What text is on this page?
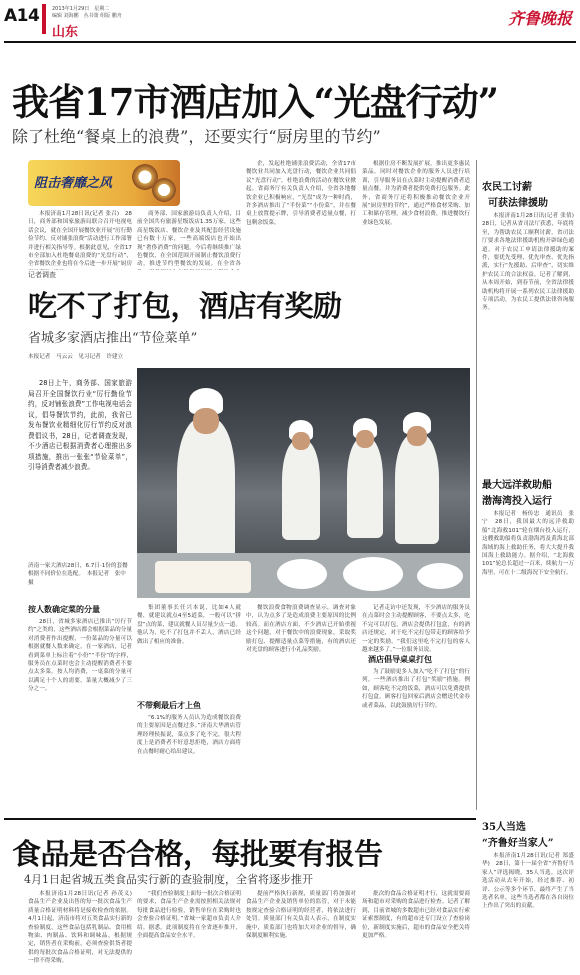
A14	2013年1月29日　星期二
编辑 刘海鹏　丛书策 组版 鹏舟
山东
齐鲁晚报
我省17市酒店加入“光盘行动”
除了杜绝“餐桌上的浪费”，还要实行“厨房里的节约”
阻击奢靡之风
本报济南1月28日讯(记者 张召)　28日，商务部和国家旅游局联合召开电视电话会议，就在全国开展餐饮业开展“厉行勤俭节约、反对铺张浪费”活动进行工作部署并进行相关指导等。根据此意见，全省17市全部加入杜绝餐桌浪费的“光盘行动”，全省餐饮企业也将在今后进一步开展“厨房
商务部、国家旅游局负责人介绍，目前全国共有旅游星级饭店1.35万家，这些高星级饭店、餐饮企业及其配套经营设施已有数十万家，一些高端饭店也开始出现“奢侈消费”的问题。今后将继续推广绿色餐饮，在全国范围开展制止餐饮浪费行动，推进节约型餐饮的发展。在全省各
企，发起杜绝铺张浪费活动，全省17市餐饮业共同加入光盘行动，餐饮企业共同倡议“光盘行动”，杜绝浪费的活动在餐饮业掀起。省商务厅有关负责人介绍，全省各地餐饮企业已积极响应，“光盘”成为一种时尚，许多酒店推出了“半份菜”“小份菜”，并在餐桌上放置提示牌，引导消费者适量点餐，打包剩余饭菜。
根据住房不断发展扩展，推出更多惠民菜品，同时对餐饮企业的服务人员进行培训，引导服务员在点菜时主动提醒消费者适量点餐，并为消费者提供免费打包服务。此外，省商务厅还将积极推动餐饮企业开展“厨房里的节约”，通过严格食材采购、加工和储存管理，减少食材浪费，推进餐饮行业绿色发展。
记者调查
吃不了打包，酒店有奖励
省城多家酒店推出“节俭菜单”
本报记者　马云云　见习记者　许建立
28日上午，商务部、国家旅游局召开全国餐饮行业“厉行勤俭节约，反对铺张浪费”工作电视电话会议，倡导餐饮节约，此前，我省已发布餐饮业精细化厉行节约反对浪费倡议书，28日，记者调查发现，不少酒店已根据消费者心理推出多项措施，推出一张张“节俭菜单”，引导消费者减少浪费。
济南一家大酒店28日，6.7日·1份的套餐根据不同价位在选配。　本报记者　张中　摄
按人数确定菜的分量
28日，省城多家酒店已推出“厉行节约”之类的，这些酒店都会根据菜品的分量对消费者作出提醒，一份菜品的分量可以根据就餐人数来确定。在一家酒店，记者看到菜单上标注着“小份”“半份”的字样，服务员在点菜时也会主动提醒消费者不要点太多菜。按人均消费，一桌菜的分量可以满足十个人的需要，菜量大概减少了三分之一。
集团董事长任兴本说，比如4人就餐，就建议就点4至5道菜，一般可以“拼盘”点的菜，建议就餐人员尽量少点一道。他认为，吃不了打包并不丢人，酒店已经做出了相应的准备。
不带剩最后才上鱼
“6.1%的服务人员认为造成餐饮浪费的主要原因是点餐过多。”济南大华酒店管理经理侯振说，菜点多了吃不完，很大程度上是消费者不好意思拒绝，酒店方面将在点餐时耐心给出建议。
餐饮浪费食物浪费调查显示，调查对象中，认为点多了是造成浪费主要原因的比例较高。而在酒店方面，不少酒店已开始重视这个问题，对于餐饮中的浪费现象，采取奖励打包、提醒适量点菜等措施，有的酒店还对光盘的顾客进行小礼品奖励。
记者走访中还发现，不少酒店的服务员在点菜时会主动提醒顾客，不要点太多，吃不完可以打包，酒店会提供打包盒，有的酒店还规定，对于吃不完打包带走的顾客给予一定的奖励。“我们这里吃不完打包的客人越来越多了。”一位服务员说。
酒店倡导桌桌打包
为了鼓励更多人加入“吃不了打包”的行列，一些酒店推出了打包“奖励”措施。例如，顾客吃不完的饭菜，酒店可以免费提供打包盒，顾客打包回家后酒店会赠送代金券或者菜品，以此鼓励厉行节约。
食品是否合格，每批要有报告
4月1日起省城五类食品实行新的查验制度，全省将逐步推开
本报济南1月28日讯(记者 孙茂义)　食品生产企业及出售的每一批次食品生产质量合格证明材料将是接收检查的依据。4月1日起，济南市将对五类食品实行新的查验制度，这些食品包括乳制品、食用植物油、肉制品、饮料和调味品。根据规定，销售者在采购前，必须查验供货者提供的每批次食品合格证明，对无法提供的一律不得采购。
“我们查验制度上面每一批次合格证明的要求，食品生产企业需按照相关法规对每批食品进行检验，销售单位在采购时也会查验合格证明。”省城一家超市负责人介绍。据悉，此项制度将在全省逐步推开，全面提高食品安全水平。
提前严格执行新规，质量部门将加强对食品生产企业及销售单位的监管，对于未能按规定查验合格证明的经营者，将依法进行处罚。质量部门有关负责人表示，在制度实施中，质监部门也将加大对企业的督导，确保制度顺利实施。
批次的食品合格证明才行，这就需要商场和超市对采购的食品进行检查。记者了解到，目前省城的多数超市已经对食品实行索证索票制度，有的超市还专门设立了查验岗位，新制度实施后，超市的食品安全把关将更加严格。
农民工讨薪
可获法律援助
本报济南1月28日讯(记者 张倩)　28日，记者从省司法厅获悉，年底将至，为帮助农民工顺利讨薪，省司法厅要求各地法律援助机构开辟绿色通道，对于农民工申请法律援助的案件，要优先受理、优先审查、优先指派，实行“先援助、后审查”，切实维护农民工的合法权益。记者了解到，从本周开始，到春节前，全省法律援助机构将开展一系列农民工法律援助专项活动，为农民工提供法律咨询服务。
最大远洋救助船
渤海湾投入运行
本报记者　杨传忠　通讯员　张宁　28日，我国最大的远洋救助船“北海救101”轮在烟台投入运行，这艘救助船将负责渤海湾及黄海北部海域的海上救助任务，将大大提升我国海上救助能力。据介绍，“北海救101”轮总长超过一百米，续航力一万海里，可在十二级海况下安全航行。
35人当选
“齐鲁好当家人”
本报济南1月28日讯(记者 郑盛华)　28日，第十一届全省“齐鲁好当家人”评选揭晓，35人当选。这次评选活动从去年开始，经过推荐、初评、公示等多个环节，最终产生了当选者名单，这些当选者都在各自岗位上作出了突出的贡献。
